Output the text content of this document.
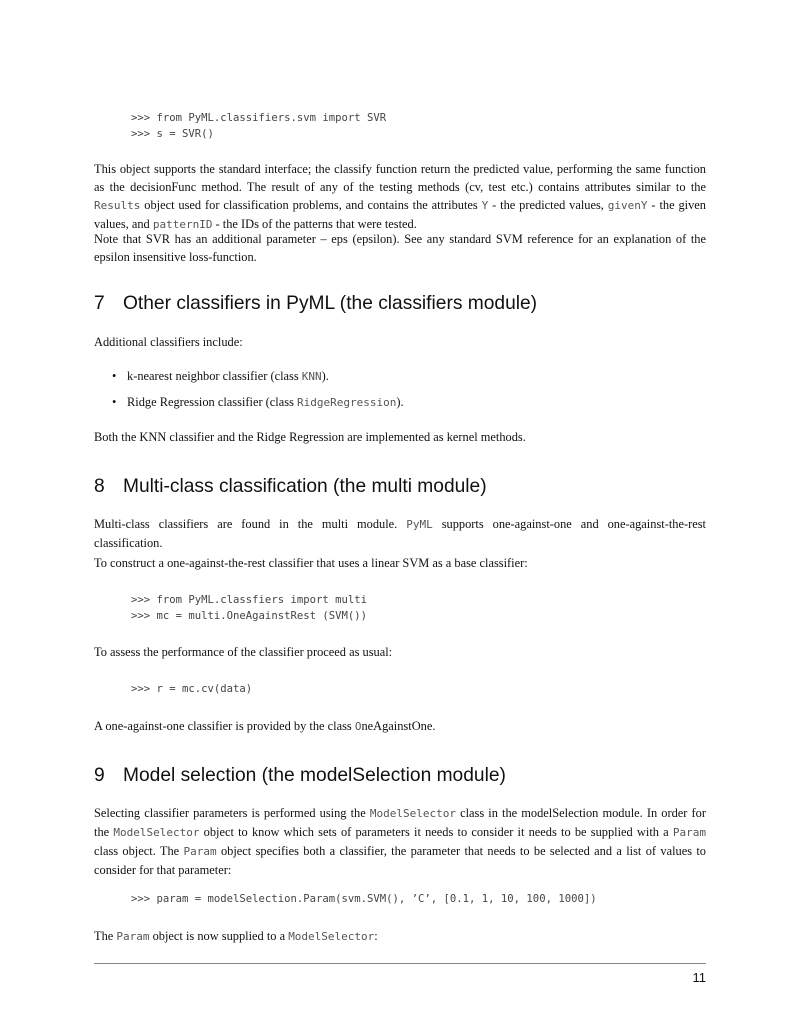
>>> from PyML.classifiers.svm import SVR
>>> s = SVR()

This object supports the standard interface; the classify function return the predicted value, performing the same function as the decisionFunc method. The result of any of the testing methods (cv, test etc.) contains attributes similar to the Results object used for classification problems, and contains the attributes Y - the predicted values, givenY - the given values, and patternID - the IDs of the patterns that were tested.

Note that SVR has an additional parameter – eps (epsilon). See any standard SVM reference for an explanation of the epsilon insensitive loss-function.

7 Other classifiers in PyML (the classifiers module)

Additional classifiers include:

• k-nearest neighbor classifier (class KNN).
• Ridge Regression classifier (class RidgeRegression).

Both the KNN classifier and the Ridge Regression are implemented as kernel methods.

8 Multi-class classification (the multi module)

Multi-class classifiers are found in the multi module. PyML supports one-against-one and one-against-the-rest classification.

To construct a one-against-the-rest classifier that uses a linear SVM as a base classifier:

>>> from PyML.classfiers import multi
>>> mc = multi.OneAgainstRest (SVM())

To assess the performance of the classifier proceed as usual:

>>> r = mc.cv(data)

A one-against-one classifier is provided by the class OneAgainstOne.

9 Model selection (the modelSelection module)

Selecting classifier parameters is performed using the ModelSelector class in the modelSelection module. In order for the ModelSelector object to know which sets of parameters it needs to consider it needs to be supplied with a Param class object. The Param object specifies both a classifier, the parameter that needs to be selected and a list of values to consider for that parameter:

>>> param = modelSelection.Param(svm.SVM(), ’C’, [0.1, 1, 10, 100, 1000])

The Param object is now supplied to a ModelSelector:

11
